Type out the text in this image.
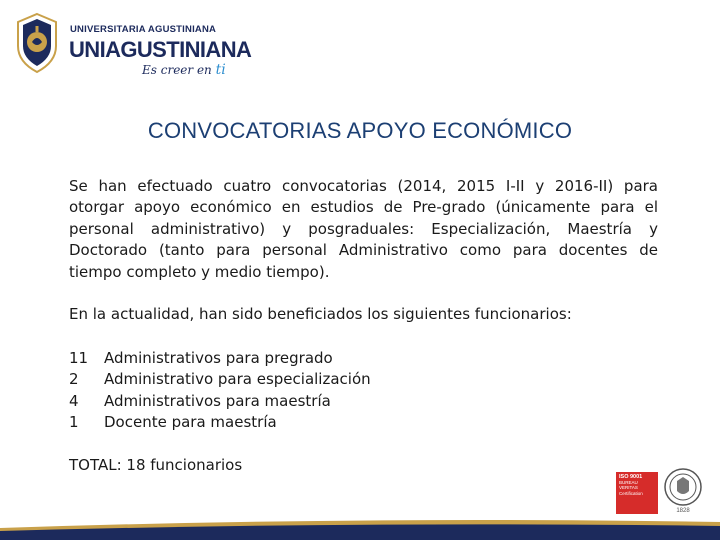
UNIVERSITARIA AGUSTINIANA
UNIAGUSTINIANA
Es creer en ti
CONVOCATORIAS APOYO ECONÓMICO

Se han efectuado cuatro convocatorias (2014, 2015 I-II y 2016-II) para otorgar apoyo económico en estudios de Pre-grado (únicamente para el personal administrativo) y posgraduales: Especialización, Maestría y Doctorado (tanto para personal Administrativo como para docentes de tiempo completo y medio tiempo).

En la actualidad, han sido beneficiados los siguientes funcionarios:

11 Administrativos para pregrado
2 Administrativo para especialización
4 Administrativos para maestría
1 Docente para maestría

TOTAL: 18 funcionarios

ISO 9001
BUREAU VERITAS
Certification
1828
